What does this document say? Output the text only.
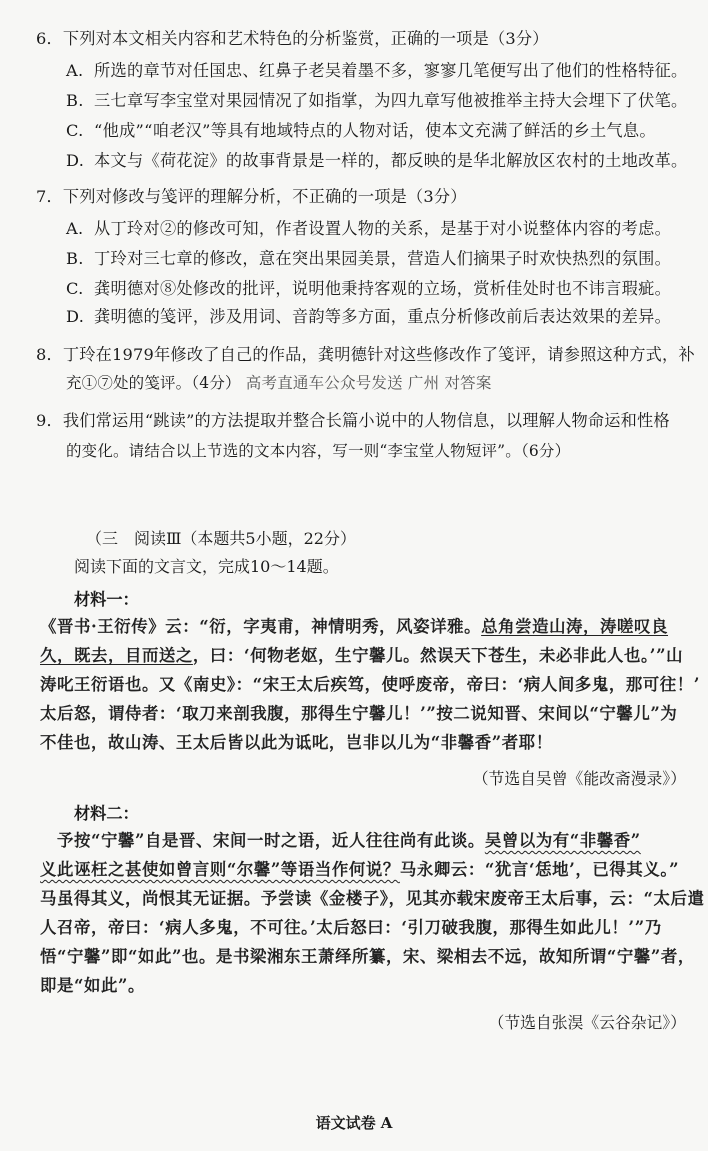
6．下列对本文相关内容和艺术特色的分析鉴赏，正确的一项是（3分）
A. 所选的章节对任国忠、红鼻子老吴着墨不多，寥寥几笔便写出了他们的性格特征。
B. 三七章写李宝堂对果园情况了如指掌，为四九章写他被推举主持大会埋下了伏笔。
C. “他成”“咱老汉”等具有地域特点的人物对话，使本文充满了鲜活的乡土气息。
D. 本文与《荷花淀》的故事背景是一样的，都反映的是华北解放区农村的土地改革。
7．下列对修改与笺评的理解分析，不正确的一项是（3分）
A. 从丁玲对②的修改可知，作者设置人物的关系，是基于对小说整体内容的考虑。
B. 丁玲对三七章的修改，意在突出果园美景，营造人们摘果子时欢快热烈的氛围。
C. 龚明德对⑧处修改的批评，说明他秉持客观的立场，赏析佳处时也不讳言瑕疵。
D. 龚明德的笺评，涉及用词、音韵等多方面，重点分析修改前后表达效果的差异。
8．丁玲在1979年修改了自己的作品，龚明德针对这些修改作了笺评，请参照这种方式，补
充①⑦处的笺评。（4分） 高考直通车公众号发送 广州 对答案
9．我们常运用“跳读”的方法提取并整合长篇小说中的人物信息，以理解人物命运和性格
的变化。请结合以上节选的文本内容，写一则“李宝堂人物短评”。（6分）
（三　阅读Ⅲ（本题共5小题，22分）
阅读下面的文言文，完成10～14题。
材料一：
《晋书·王衍传》云：“衍，字夷甫，神情明秀，风姿详雅。总角尝造山涛，涛嗟叹良
久，既去，目而送之，曰：‘何物老妪，生宁馨儿。然误天下苍生，未必非此人也。’”山
涛叱王衍语也。又《南史》：“宋王太后疾笃，使呼废帝，帝曰：‘病人间多鬼，那可往！’
太后怒，谓侍者：‘取刀来剖我腹，那得生宁馨儿！’”按二说知晋、宋间以“宁馨儿”为
不佳也，故山涛、王太后皆以此为诋叱，岂非以儿为“非馨香”者耶！
（节选自吴曾《能改斋漫录》）
材料二：
　予按“宁馨”自是晋、宋间一时之语，近人往往尚有此谈。吴曾以为有“非馨香”
义此诬枉之甚使如曾言则“尔馨”等语当作何说？马永卿云：“犹言‘恁地’，已得其义。”
马虽得其义，尚恨其无证据。予尝读《金楼子》，见其亦载宋废帝王太后事，云：“太后遣
人召帝，帝曰：‘病人多鬼，不可往。’太后怒曰：‘引刀破我腹，那得生如此儿！’”乃
悟“宁馨”即“如此”也。是书梁湘东王萧绎所纂，宋、梁相去不远，故知所谓“宁馨”者，
即是“如此”。
（节选自张淏《云谷杂记》）
语文试卷 A
